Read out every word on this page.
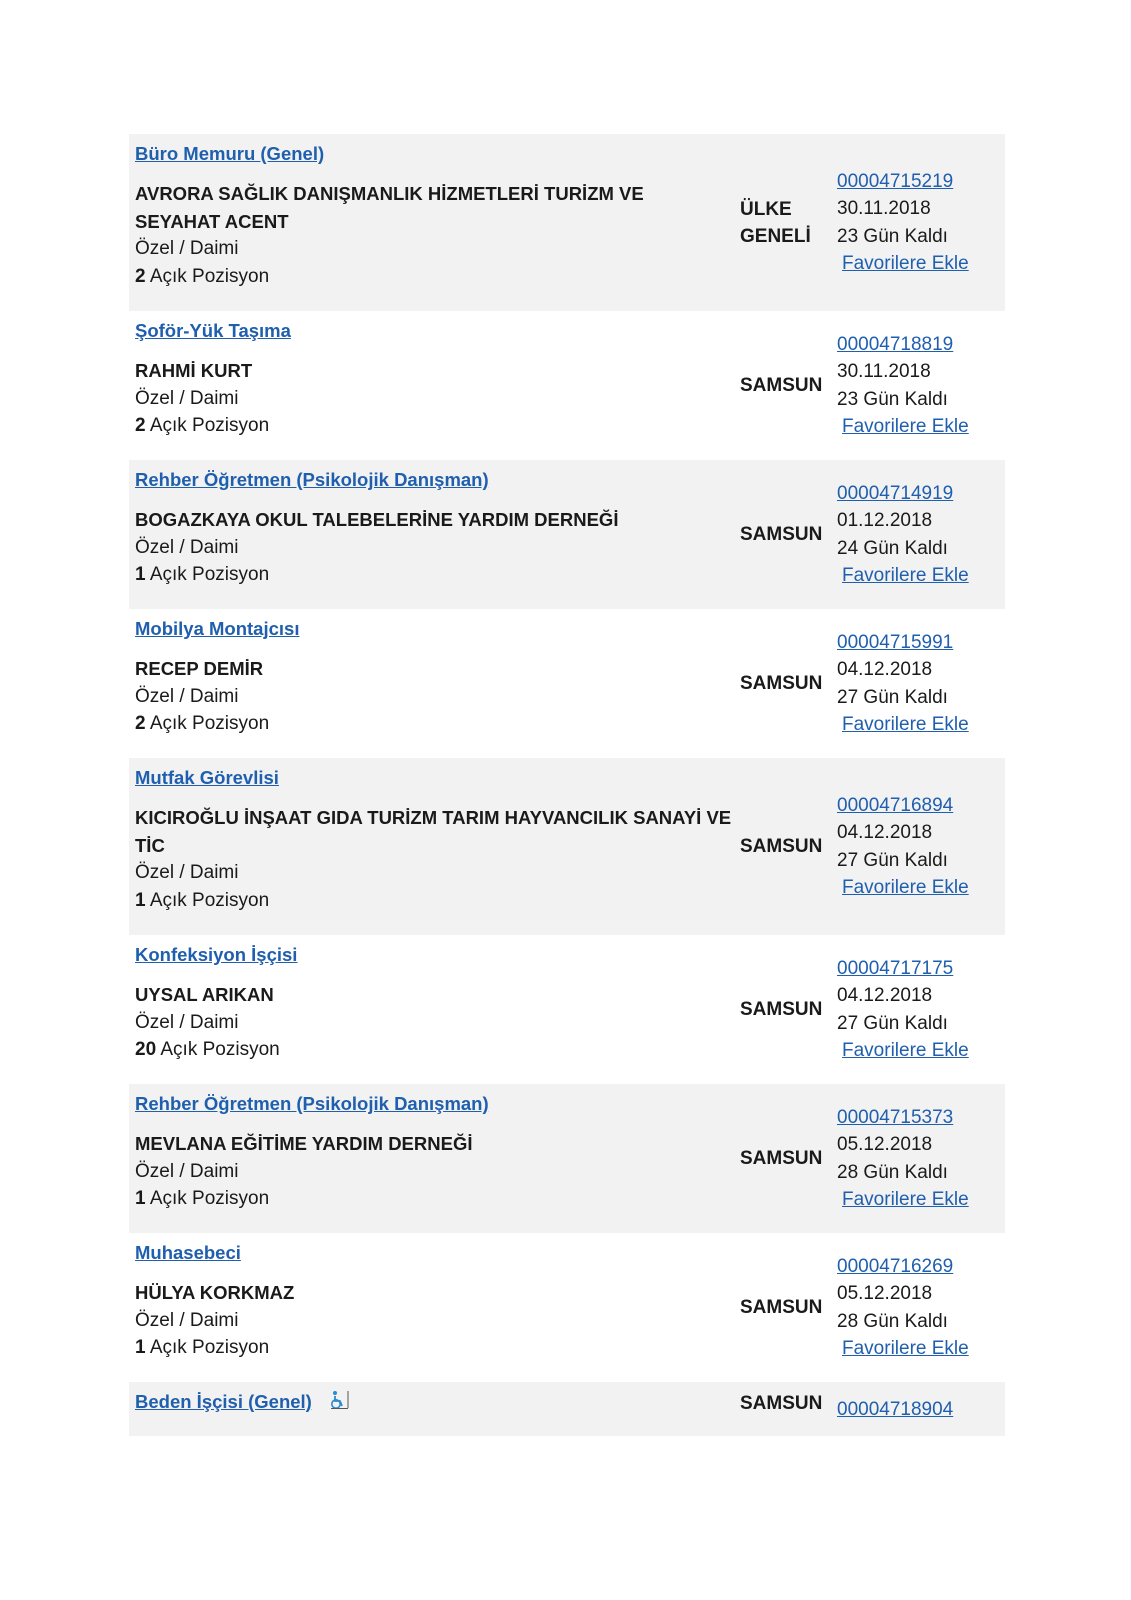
Büro Memuru (Genel)
AVRORA SAĞLIK DANIŞMANLIK HİZMETLERİ TURİZM VE SEYAHAT ACENT
Özel / Daimi
2 Açık Pozisyon
ÜLKE GENELİ
00004715219
30.11.2018
23 Gün Kaldı
Favorilere Ekle
Şoför-Yük Taşıma
RAHMİ KURT
Özel / Daimi
2 Açık Pozisyon
SAMSUN
00004718819
30.11.2018
23 Gün Kaldı
Favorilere Ekle
Rehber Öğretmen (Psikolojik Danışman)
BOGAZKAYA OKUL TALEBELERİNE YARDIM DERNEĞİ
Özel / Daimi
1 Açık Pozisyon
SAMSUN
00004714919
01.12.2018
24 Gün Kaldı
Favorilere Ekle
Mobilya Montajcısı
RECEP DEMİR
Özel / Daimi
2 Açık Pozisyon
SAMSUN
00004715991
04.12.2018
27 Gün Kaldı
Favorilere Ekle
Mutfak Görevlisi
KICIROĞLU İNŞAAT GIDA TURİZM TARIM HAYVANCILIK SANAYİ VE TİC
Özel / Daimi
1 Açık Pozisyon
SAMSUN
00004716894
04.12.2018
27 Gün Kaldı
Favorilere Ekle
Konfeksiyon İşçisi
UYSAL ARIKAN
Özel / Daimi
20 Açık Pozisyon
SAMSUN
00004717175
04.12.2018
27 Gün Kaldı
Favorilere Ekle
Rehber Öğretmen (Psikolojik Danışman)
MEVLANA EĞİTİME YARDIM DERNEĞİ
Özel / Daimi
1 Açık Pozisyon
SAMSUN
00004715373
05.12.2018
28 Gün Kaldı
Favorilere Ekle
Muhasebeci
HÜLYA KORKMAZ
Özel / Daimi
1 Açık Pozisyon
SAMSUN
00004716269
05.12.2018
28 Gün Kaldı
Favorilere Ekle
Beden İşçisi (Genel)	SAMSUN 00004718904
